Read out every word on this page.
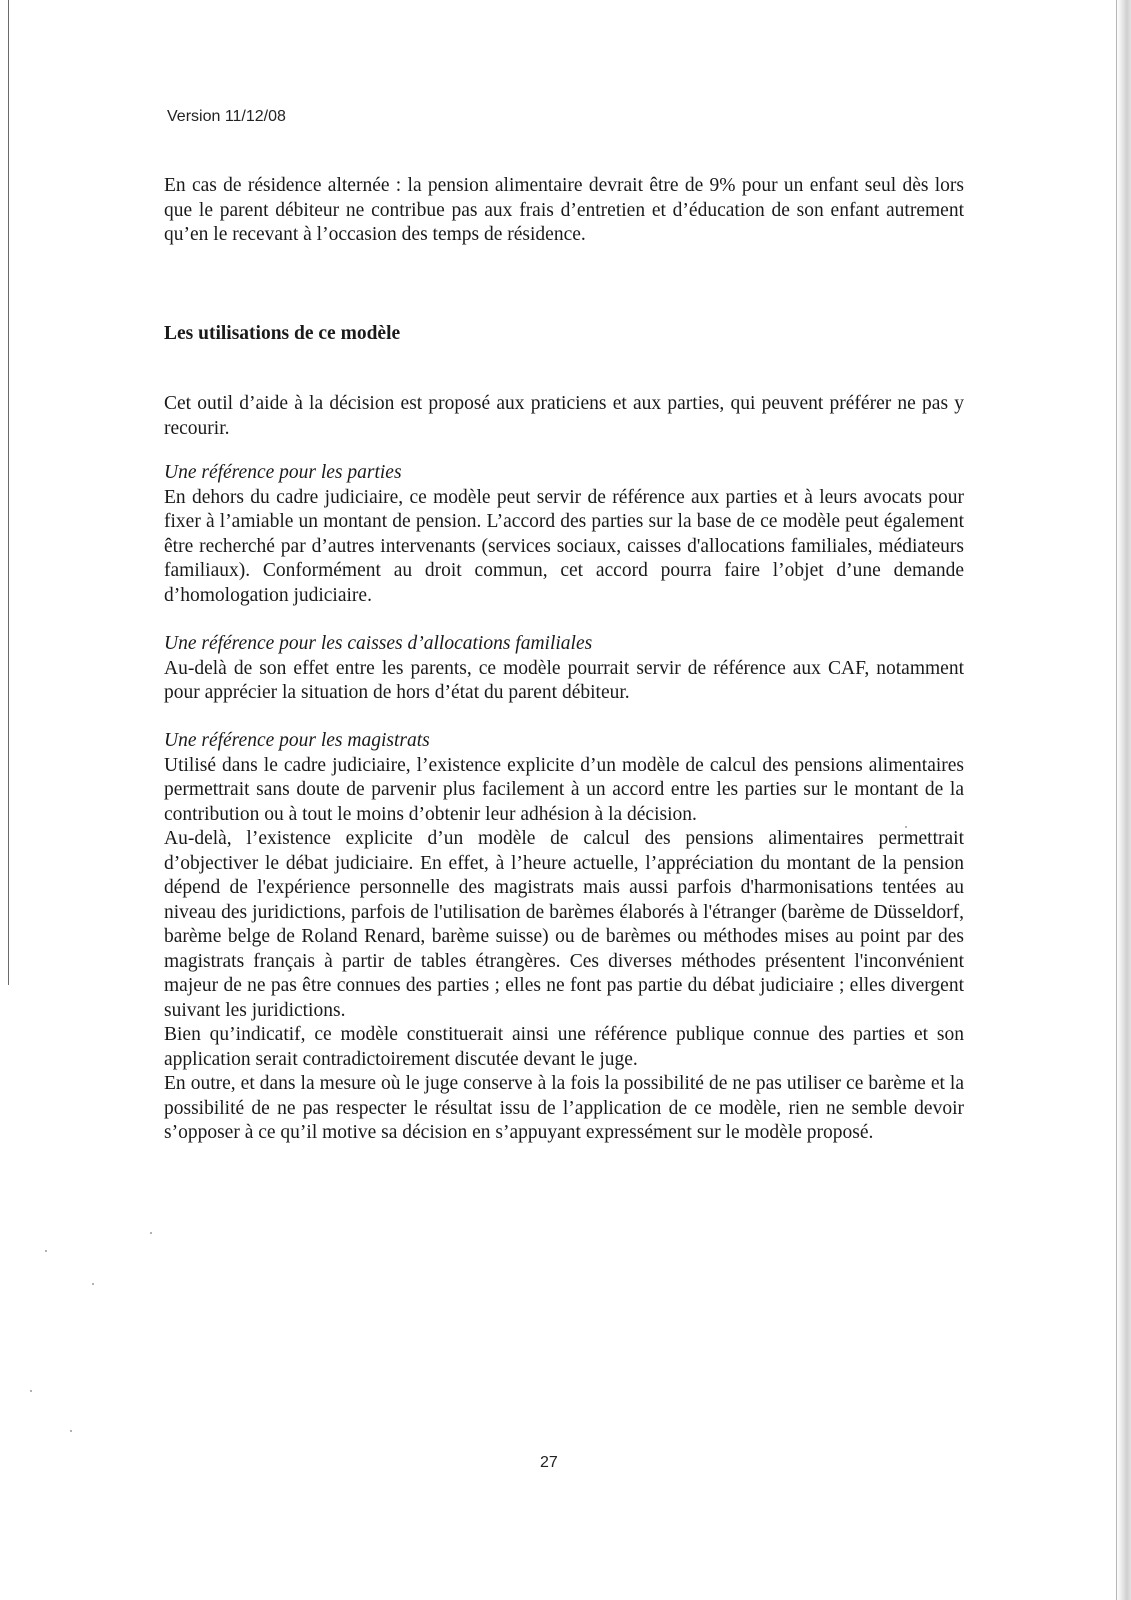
Version 11/12/08

En cas de résidence alternée : la pension alimentaire devrait être de 9% pour un enfant seul dès lors que le parent débiteur ne contribue pas aux frais d’entretien et d’éducation de son enfant autrement qu’en le recevant à l’occasion des temps de résidence.

Les utilisations de ce modèle

Cet outil d’aide à la décision est proposé aux praticiens et aux parties, qui peuvent préférer ne pas y recourir.

Une référence pour les parties

En dehors du cadre judiciaire, ce modèle peut servir de référence aux parties et à leurs avocats pour fixer à l’amiable un montant de pension. L’accord des parties sur la base de ce modèle peut également être recherché par d’autres intervenants (services sociaux, caisses d'allocations familiales, médiateurs familiaux). Conformément au droit commun, cet accord pourra faire l’objet d’une demande d’homologation judiciaire.

Une référence pour les caisses d’allocations familiales

Au-delà de son effet entre les parents, ce modèle pourrait servir de référence aux CAF, notamment pour apprécier la situation de hors d’état du parent débiteur.

Une référence pour les magistrats

Utilisé dans le cadre judiciaire, l’existence explicite d’un modèle de calcul des pensions alimentaires permettrait sans doute de parvenir plus facilement à un accord entre les parties sur le montant de la contribution ou à tout le moins d’obtenir leur adhésion à la décision.

Au-delà, l’existence explicite d’un modèle de calcul des pensions alimentaires permettrait d’objectiver le débat judiciaire. En effet, à l’heure actuelle, l’appréciation du montant de la pension dépend de l'expérience personnelle des magistrats mais aussi parfois d'harmonisations tentées au niveau des juridictions, parfois de l'utilisation de barèmes élaborés à l'étranger (barème de Düsseldorf, barème belge de Roland Renard, barème suisse) ou de barèmes ou méthodes mises au point par des magistrats français à partir de tables étrangères. Ces diverses méthodes présentent l'inconvénient majeur de ne pas être connues des parties ; elles ne font pas partie du débat judiciaire ; elles divergent suivant les juridictions.

Bien qu’indicatif, ce modèle constituerait ainsi une référence publique connue des parties et son application serait contradictoirement discutée devant le juge.

En outre, et dans la mesure où le juge conserve à la fois la possibilité de ne pas utiliser ce barème et la possibilité de ne pas respecter le résultat issu de l’application de ce modèle, rien ne semble devoir s’opposer à ce qu’il motive sa décision en s’appuyant expressément sur le modèle proposé.

27
